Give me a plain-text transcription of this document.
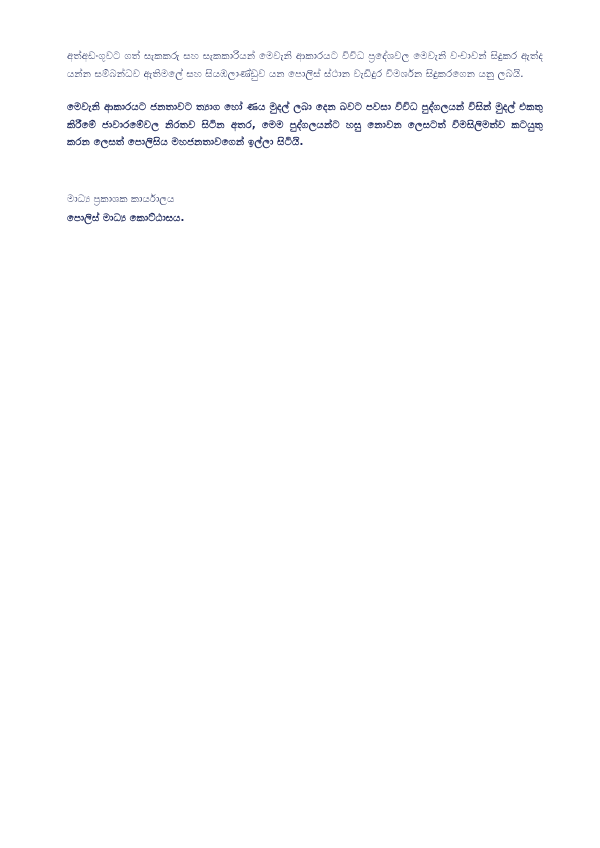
අත්අඩංගුවට ගත් සැකකරු සහ සැකකාරියන් මෙවැනි ආකාරයට විවිධ ප්‍රදේශවල මෙවැනි වංචාවන් සිදුකර ඇත්ද යන්න සම්බන්ධව ඇතිමලේ සහ සියඹලාණ්ඩුව යන පොලිස් ස්ථාන වැඩිදුර විමර්ශන සිදුකරගෙන යනු ලබයි.

මෙවැනි ආකාරයට ජනතාවට ත්‍යාග හෝ ණය මුදල් ලබා දෙන බවට පවසා විවිධ පුද්ගලයන් විසින් මුදල් එකතු කිරීමේ ජාවාරමේවල නිරතව සිටින අතර, මෙම පුද්ගලයන්ට හසු නොවන ලෙසටත් විමසිලිමත්ව කටයුතු කරන ලෙසත් පොලිසිය මහජනතාවගෙන් ඉල්ලා සිටියි.

මාධ්‍ය ප්‍රකාශක කාර්යාලය
පොලිස් මාධ්‍ය කොට්ඨාසය.
